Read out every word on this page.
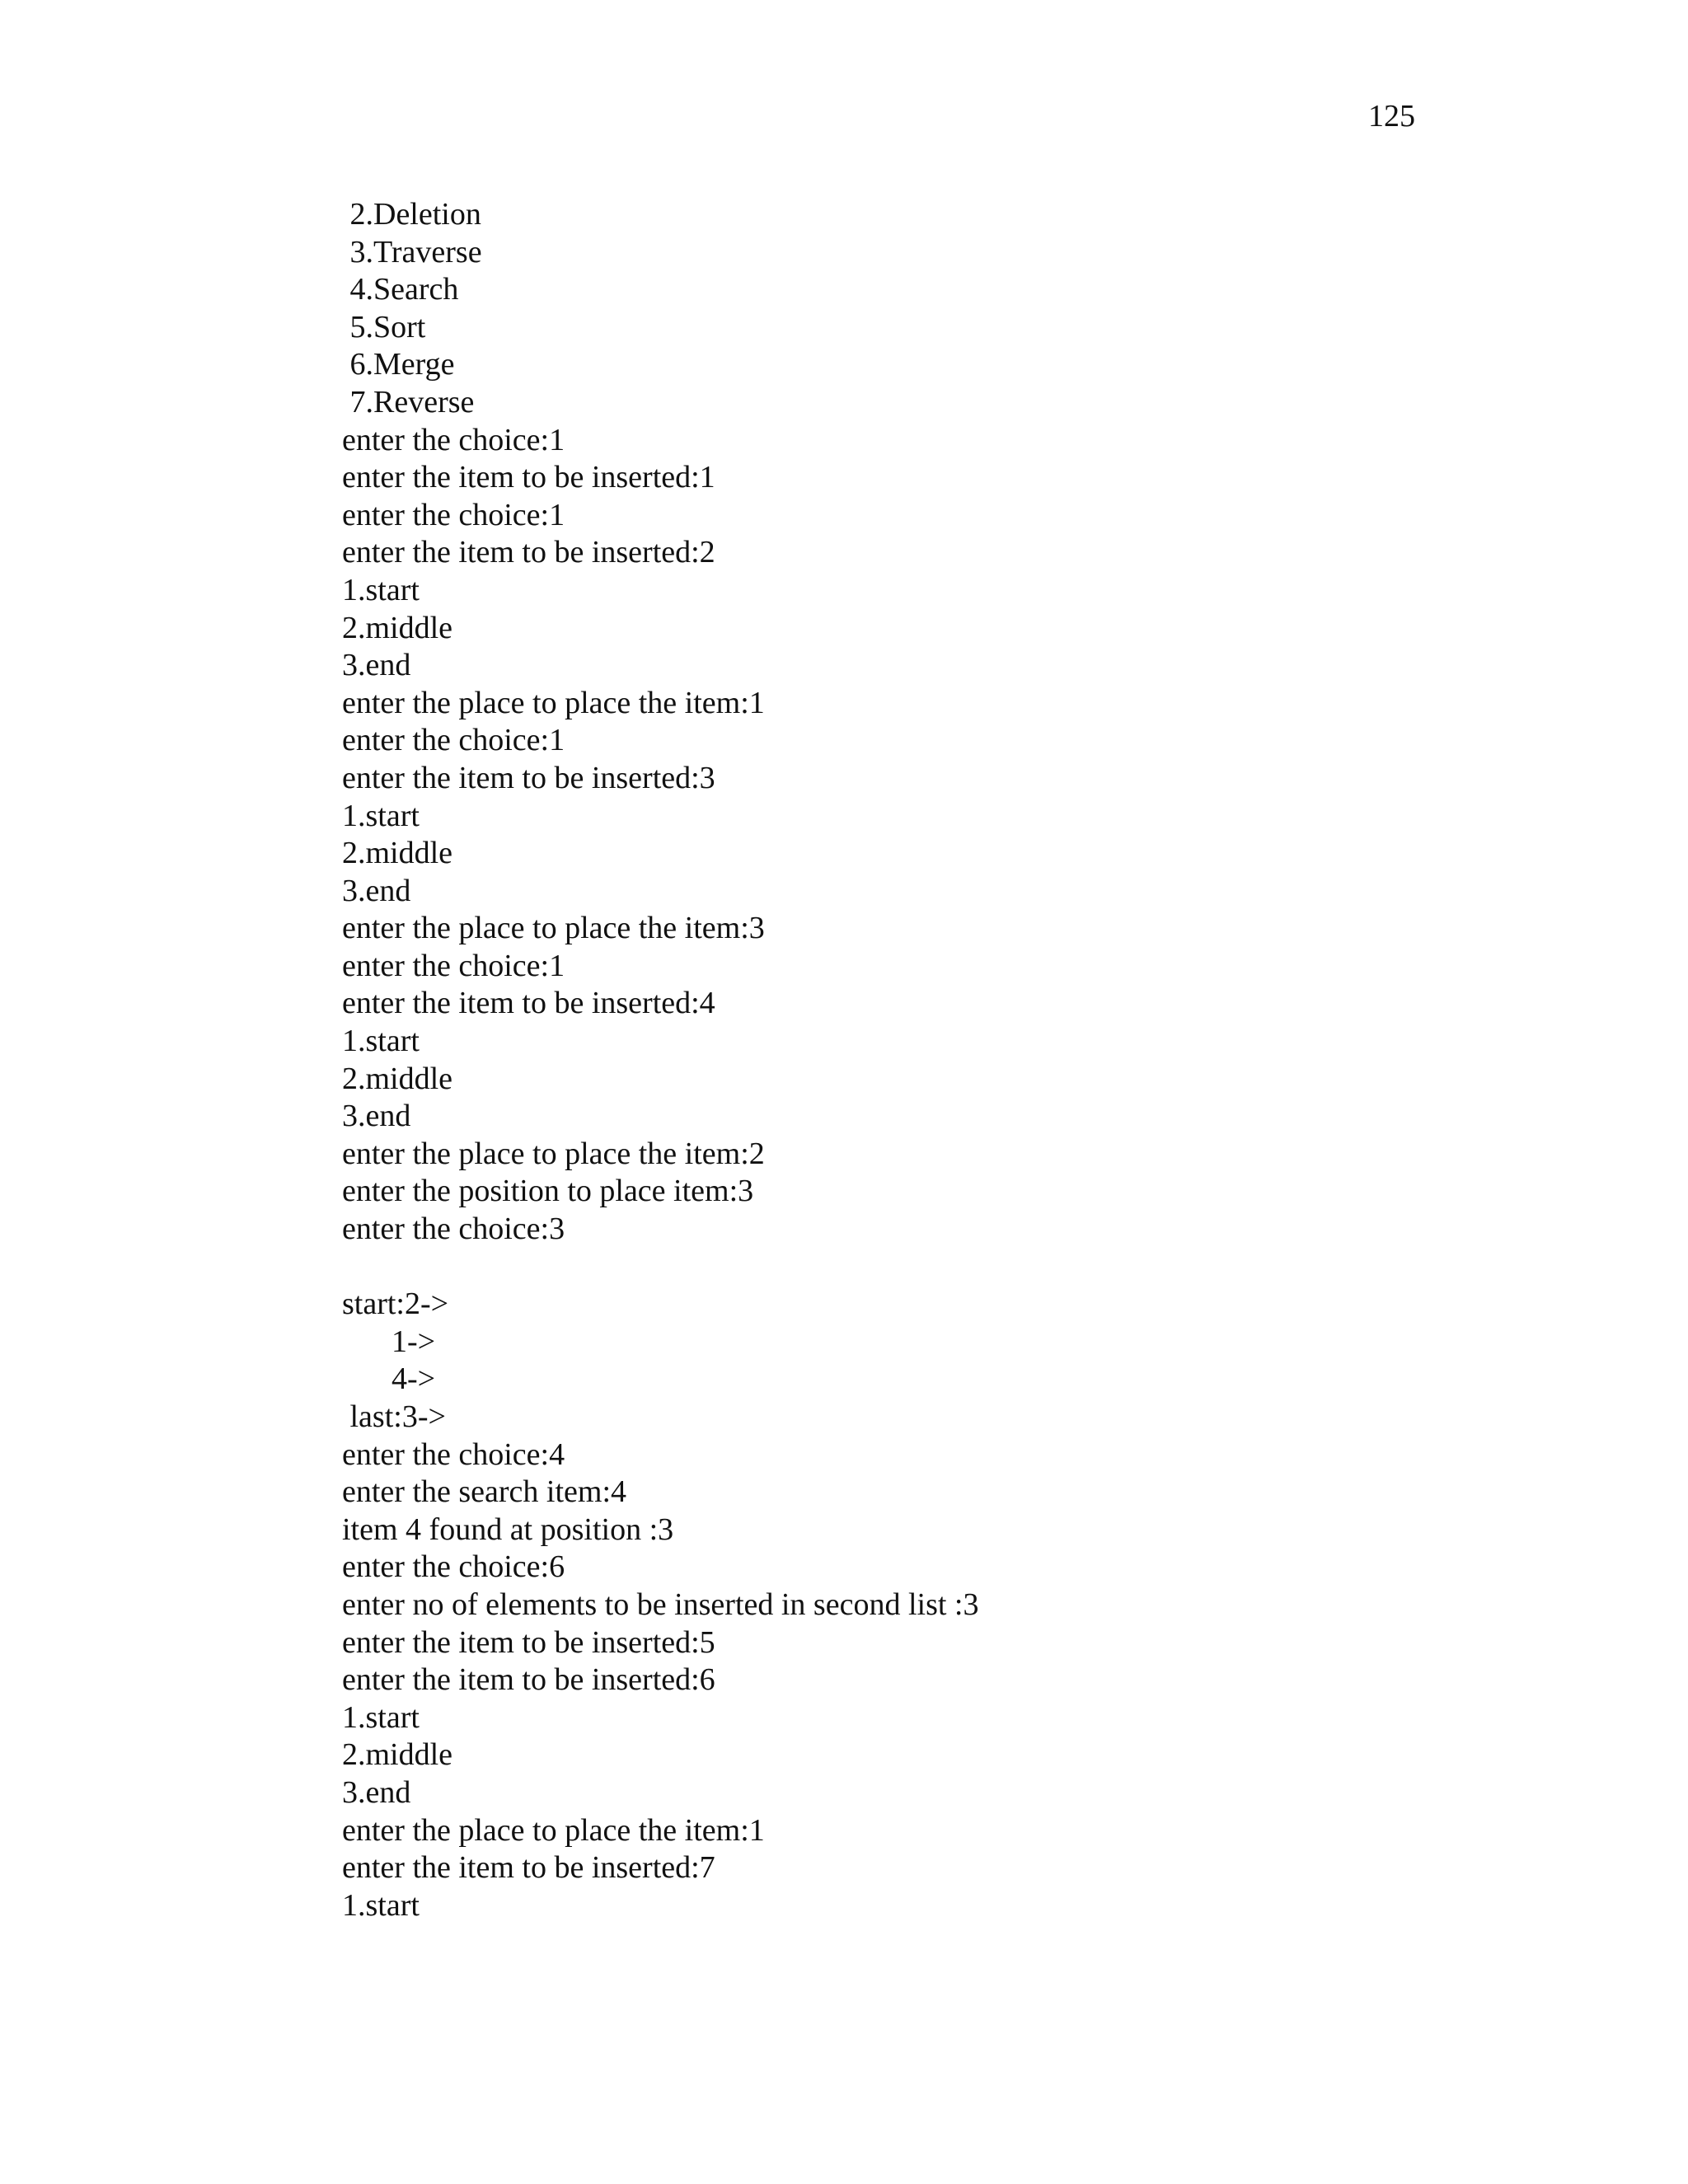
125
2.Deletion
3.Traverse
4.Search
5.Sort
6.Merge
7.Reverse
enter the choice:1
enter the item to be inserted:1
enter the choice:1
enter the item to be inserted:2
1.start
2.middle
3.end
enter the place to place the item:1
enter the choice:1
enter the item to be inserted:3
1.start
2.middle
3.end
enter the place to place the item:3
enter the choice:1
enter the item to be inserted:4
1.start
2.middle
3.end
enter the place to place the item:2
enter the position to place item:3
enter the choice:3
start:2->
1->
4->
last:3->
enter the choice:4
enter the search item:4
item 4 found at position :3
enter the choice:6
enter no of elements to be inserted in second list :3
enter the item to be inserted:5
enter the item to be inserted:6
1.start
2.middle
3.end
enter the place to place the item:1
enter the item to be inserted:7
1.start
